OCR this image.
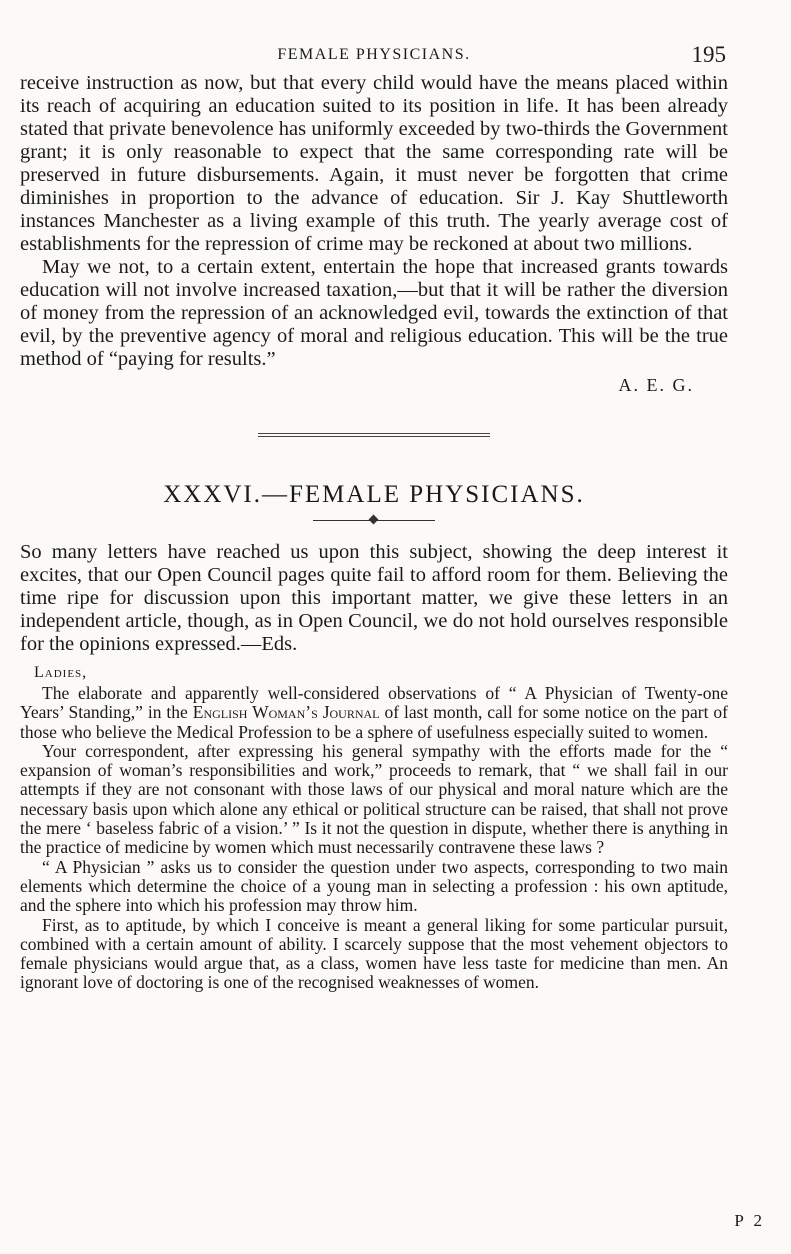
FEMALE PHYSICIANS.	195

receive instruction as now, but that every child would have the means placed within its reach of acquiring an education suited to its position in life. It has been already stated that private benevolence has uniformly exceeded by two-thirds the Government grant; it is only reasonable to expect that the same corresponding rate will be preserved in future disbursements. Again, it must never be forgotten that crime diminishes in proportion to the advance of education. Sir J. Kay Shuttleworth instances Manchester as a living example of this truth. The yearly average cost of establishments for the repression of crime may be reckoned at about two millions.

May we not, to a certain extent, entertain the hope that increased grants towards education will not involve increased taxation,—but that it will be rather the diversion of money from the repression of an acknowledged evil, towards the extinction of that evil, by the preventive agency of moral and religious education. This will be the true method of “paying for results.”

A. E. G.
XXXVI.—FEMALE PHYSICIANS.

So many letters have reached us upon this subject, showing the deep interest it excites, that our Open Council pages quite fail to afford room for them. Believing the time ripe for discussion upon this important matter, we give these letters in an independent article, though, as in Open Council, we do not hold ourselves responsible for the opinions expressed.—Eds.

Ladies,

The elaborate and apparently well-considered observations of “ A Physician of Twenty-one Years’ Standing,” in the English Woman’s Journal of last month, call for some notice on the part of those who believe the Medical Profession to be a sphere of usefulness especially suited to women.

Your correspondent, after expressing his general sympathy with the efforts made for the “ expansion of woman’s responsibilities and work,” proceeds to remark, that “ we shall fail in our attempts if they are not consonant with those laws of our physical and moral nature which are the necessary basis upon which alone any ethical or political structure can be raised, that shall not prove the mere ‘ baseless fabric of a vision.’ ” Is it not the question in dispute, whether there is anything in the practice of medicine by women which must necessarily contravene these laws ?

“ A Physician ” asks us to consider the question under two aspects, corresponding to two main elements which determine the choice of a young man in selecting a profession : his own aptitude, and the sphere into which his profession may throw him.

First, as to aptitude, by which I conceive is meant a general liking for some particular pursuit, combined with a certain amount of ability. I scarcely suppose that the most vehement objectors to female physicians would argue that, as a class, women have less taste for medicine than men. An ignorant love of doctoring is one of the recognised weaknesses of women.

P 2
